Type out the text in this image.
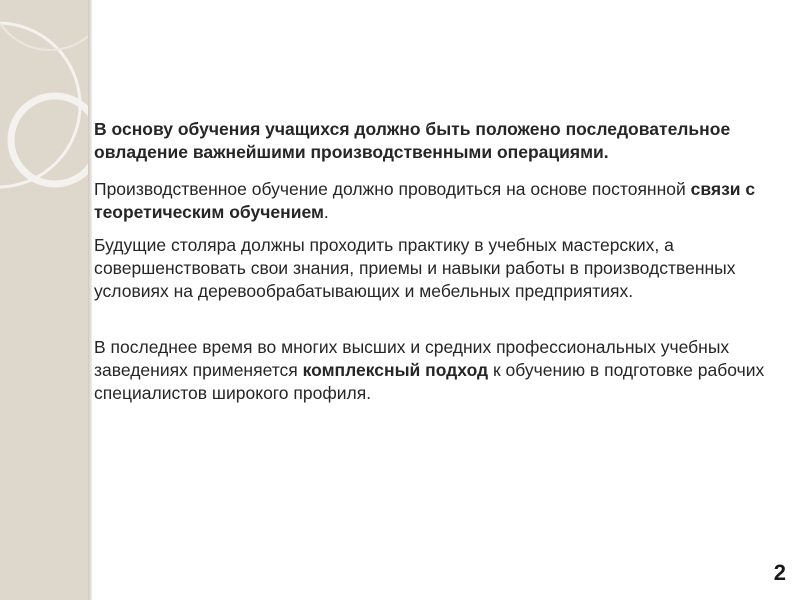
В основу обучения учащихся должно быть положено последовательное овладение важнейшими производственными операциями.

Производственное обучение должно проводиться на основе постоянной связи с теоретическим обучением.

Будущие столяра должны проходить практику в учебных мастерских, а совершенствовать свои знания, приемы и навыки работы в производственных условиях на деревообрабатывающих и мебельных предприятиях.

В последнее время во многих высших и средних профессиональных учебных заведениях применяется комплексный подход к обучению в подготовке рабочих специалистов широкого профиля.

2
